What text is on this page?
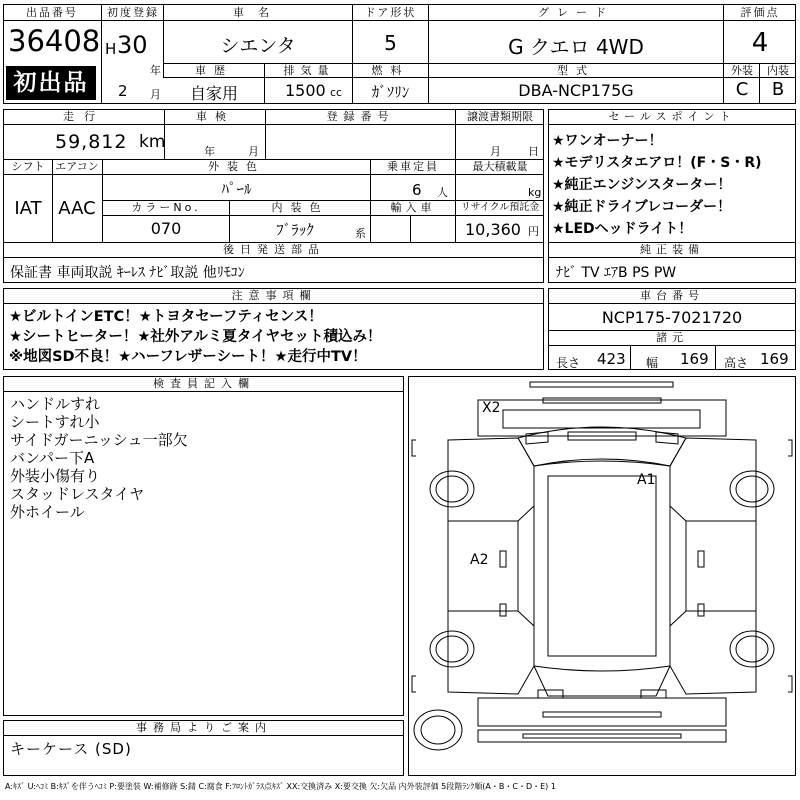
出品番号
36408
初出品
初度登録
H 30
年
2 月
車名
シエンタ
ドア形状
5
グレード
G クエロ 4WD
評価点
4
車歴
自家用
排気量
1500 cc
燃料
ｶﾞｿﾘﾝ
型式
DBA-NCP175G
外装	内装
C	B
走行
59,812 km
車検
年	月
登録番号	譲渡書類期限
月 日
シフト エアコン
IAT AAC
外装色
ﾊﾟｰﾙ
乗車定員
6 人
最大積載量
kg
カラーNo.
070
内装色
ﾌﾞﾗｯｸ	系
輸入車	リサイクル預託金
10,360 円
後日発送部品
保証書 車両取説 ｷｰﾚｽ ﾅﾋﾞ取説 他ﾘﾓｺﾝ
セールスポイント
★ワンオーナー！
★モデリスタエアロ！(F・S・R)
★純正エンジンスターター！
★純正ドライブレコーダー！
★LEDヘッドライト！
純正装備
ﾅﾋﾞ TV ｴｱB PS PW
注意事項欄
★ビルトインETC！★トヨタセーフティセンス！
★シートヒーター！★社外アルミ夏タイヤセット積込み！
※地図SD不良！★ハーフレザーシート！★走行中TV！
車台番号
NCP175-7021720
諸元
長さ 423 幅 169 高さ 169
検査員記入欄
ハンドルすれ
シートすれ小
サイドガーニッシュ一部欠
バンパー下A
外装小傷有り
スタッドレスタイヤ
外ホイール
事務局よりご案内
キーケース (SD)
X2
A1
A2
A:ｷｽﾞ U:ﾍｺﾐ B:ｷｽﾞを伴うﾍｺﾐ P:要塗装 W:補修跡 S:錆 C:腐食 F:ﾌﾛﾝﾄｶﾞﾗｽ点ｷｽﾞ XX:交換済み X:要交換 欠:欠品 内外装評価 5段階ﾗﾝｸ順(A・B・C・D・E) 1
